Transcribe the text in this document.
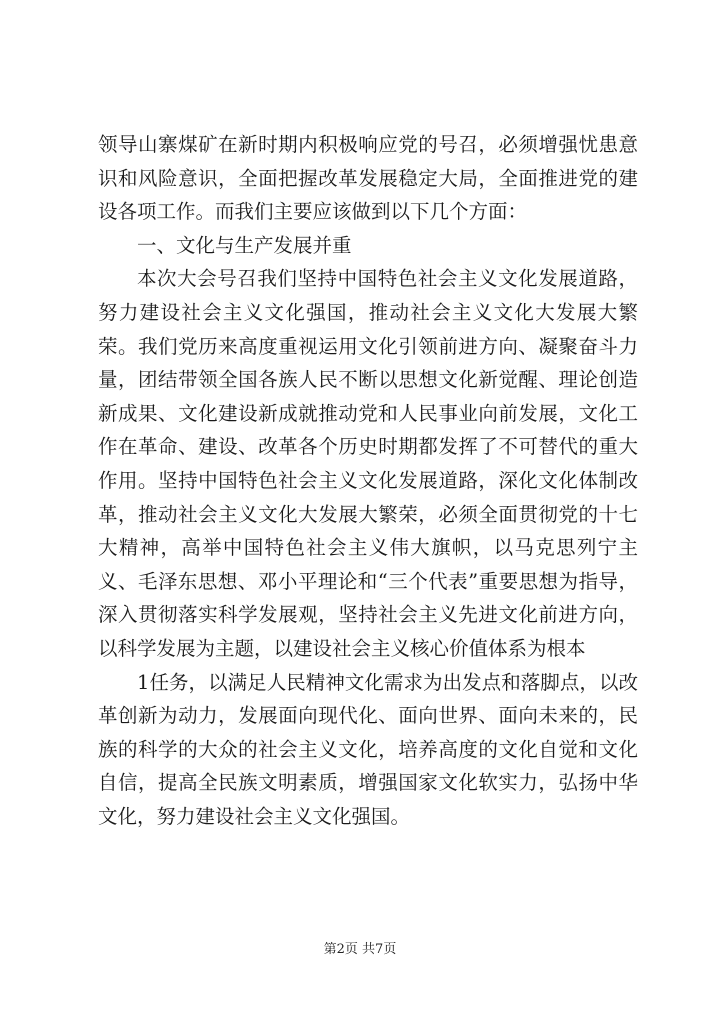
领导山寨煤矿在新时期内积极响应党的号召，必须增强忧患意识和风险意识，全面把握改革发展稳定大局，全面推进党的建设各项工作。而我们主要应该做到以下几个方面：

一、文化与生产发展并重

本次大会号召我们坚持中国特色社会主义文化发展道路，努力建设社会主义文化强国，推动社会主义文化大发展大繁荣。我们党历来高度重视运用文化引领前进方向、凝聚奋斗力量，团结带领全国各族人民不断以思想文化新觉醒、理论创造新成果、文化建设新成就推动党和人民事业向前发展，文化工作在革命、建设、改革各个历史时期都发挥了不可替代的重大作用。坚持中国特色社会主义文化发展道路，深化文化体制改革，推动社会主义文化大发展大繁荣，必须全面贯彻党的十七大精神，高举中国特色社会主义伟大旗帜，以马克思列宁主义、毛泽东思想、邓小平理论和“三个代表”重要思想为指导，深入贯彻落实科学发展观，坚持社会主义先进文化前进方向，以科学发展为主题，以建设社会主义核心价值体系为根本

1任务，以满足人民精神文化需求为出发点和落脚点，以改革创新为动力，发展面向现代化、面向世界、面向未来的，民族的科学的大众的社会主义文化，培养高度的文化自觉和文化自信，提高全民族文明素质，增强国家文化软实力，弘扬中华文化，努力建设社会主义文化强国。

第2页 共7页
